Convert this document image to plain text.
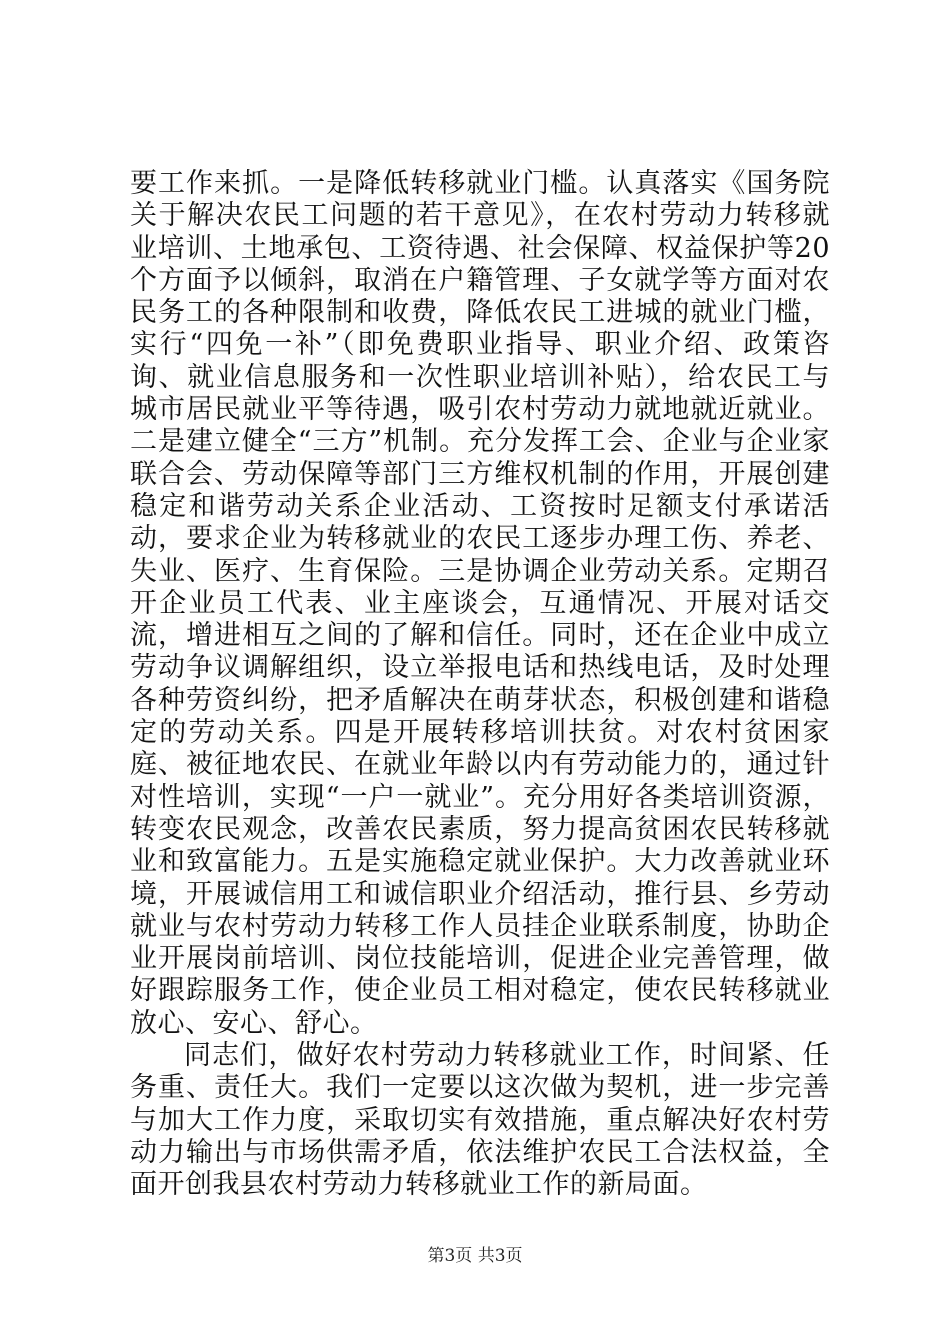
要工作来抓。一是降低转移就业门槛。认真落实《国务院关于解决农民工问题的若干意见》，在农村劳动力转移就业培训、土地承包、工资待遇、社会保障、权益保护等20个方面予以倾斜，取消在户籍管理、子女就学等方面对农民务工的各种限制和收费，降低农民工进城的就业门槛，实行“四免一补”（即免费职业指导、职业介绍、政策咨询、就业信息服务和一次性职业培训补贴），给农民工与城市居民就业平等待遇，吸引农村劳动力就地就近就业。二是建立健全“三方”机制。充分发挥工会、企业与企业家联合会、劳动保障等部门三方维权机制的作用，开展创建稳定和谐劳动关系企业活动、工资按时足额支付承诺活动，要求企业为转移就业的农民工逐步办理工伤、养老、失业、医疗、生育保险。三是协调企业劳动关系。定期召开企业员工代表、业主座谈会，互通情况、开展对话交流，增进相互之间的了解和信任。同时，还在企业中成立劳动争议调解组织，设立举报电话和热线电话，及时处理各种劳资纠纷，把矛盾解决在萌芽状态，积极创建和谐稳定的劳动关系。四是开展转移培训扶贫。对农村贫困家庭、被征地农民、在就业年龄以内有劳动能力的，通过针对性培训，实现“一户一就业”。充分用好各类培训资源，转变农民观念，改善农民素质，努力提高贫困农民转移就业和致富能力。五是实施稳定就业保护。大力改善就业环境，开展诚信用工和诚信职业介绍活动，推行县、乡劳动就业与农村劳动力转移工作人员挂企业联系制度，协助企业开展岗前培训、岗位技能培训，促进企业完善管理，做好跟踪服务工作，使企业员工相对稳定，使农民转移就业放心、安心、舒心。

同志们，做好农村劳动力转移就业工作，时间紧、任务重、责任大。我们一定要以这次做为契机，进一步完善与加大工作力度，采取切实有效措施，重点解决好农村劳动力输出与市场供需矛盾，依法维护农民工合法权益，全面开创我县农村劳动力转移就业工作的新局面。

第3页 共3页
